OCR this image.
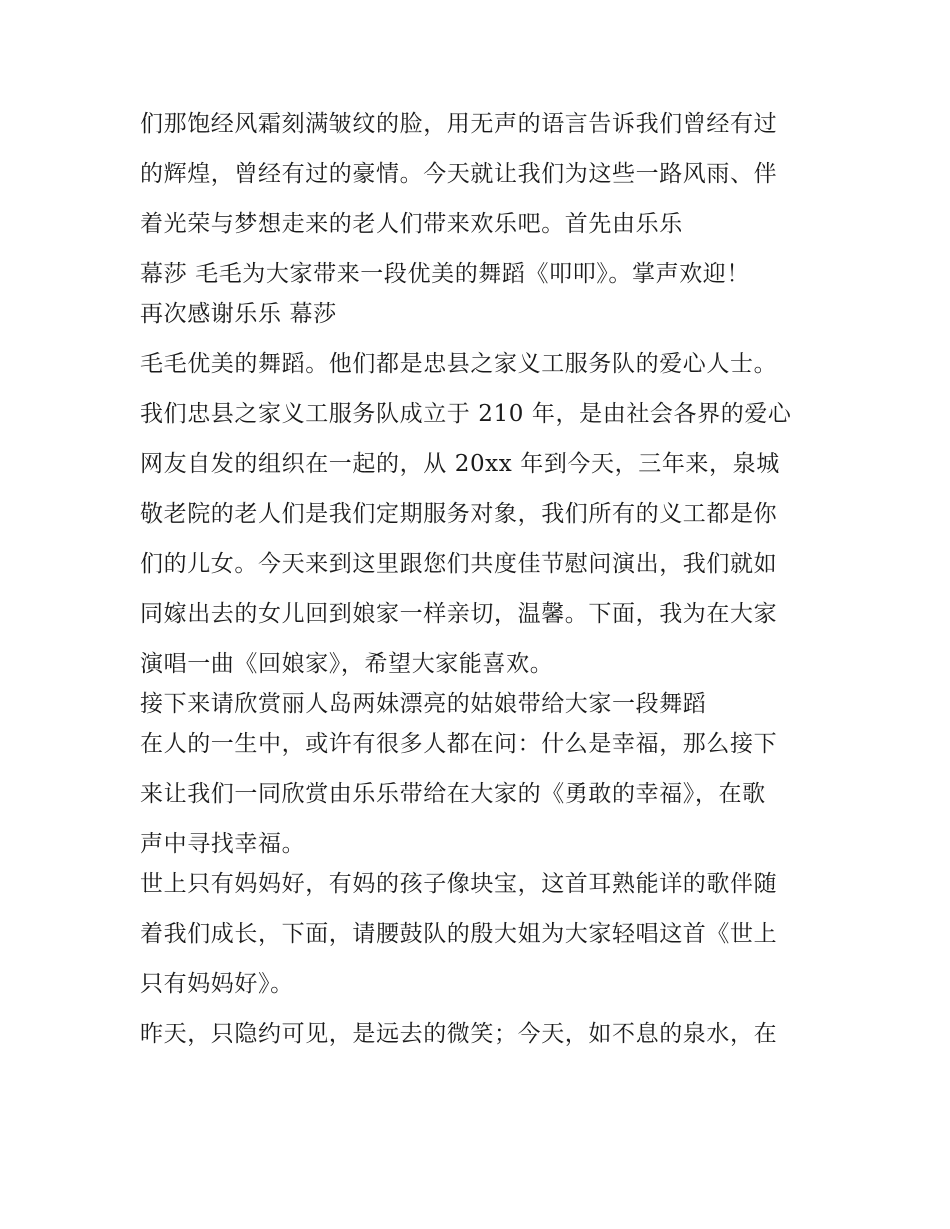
们那饱经风霜刻满皱纹的脸，用无声的语言告诉我们曾经有过
的辉煌，曾经有过的豪情。今天就让我们为这些一路风雨、伴
着光荣与梦想走来的老人们带来欢乐吧。首先由乐乐
幕莎 毛毛为大家带来一段优美的舞蹈《叩叩》。掌声欢迎！
再次感谢乐乐 幕莎
毛毛优美的舞蹈。他们都是忠县之家义工服务队的爱心人士。
我们忠县之家义工服务队成立于 210 年，是由社会各界的爱心
网友自发的组织在一起的，从 20xx 年到今天，三年来，泉城
敬老院的老人们是我们定期服务对象，我们所有的义工都是你
们的儿女。今天来到这里跟您们共度佳节慰问演出，我们就如
同嫁出去的女儿回到娘家一样亲切，温馨。下面，我为在大家
演唱一曲《回娘家》，希望大家能喜欢。
接下来请欣赏丽人岛两妹漂亮的姑娘带给大家一段舞蹈
在人的一生中，或许有很多人都在问：什么是幸福，那么接下
来让我们一同欣赏由乐乐带给在大家的《勇敢的幸福》，在歌
声中寻找幸福。
世上只有妈妈好，有妈的孩子像块宝，这首耳熟能详的歌伴随
着我们成长，下面，请腰鼓队的殷大姐为大家轻唱这首《世上
只有妈妈好》。
昨天，只隐约可见，是远去的微笑；今天，如不息的泉水，在
